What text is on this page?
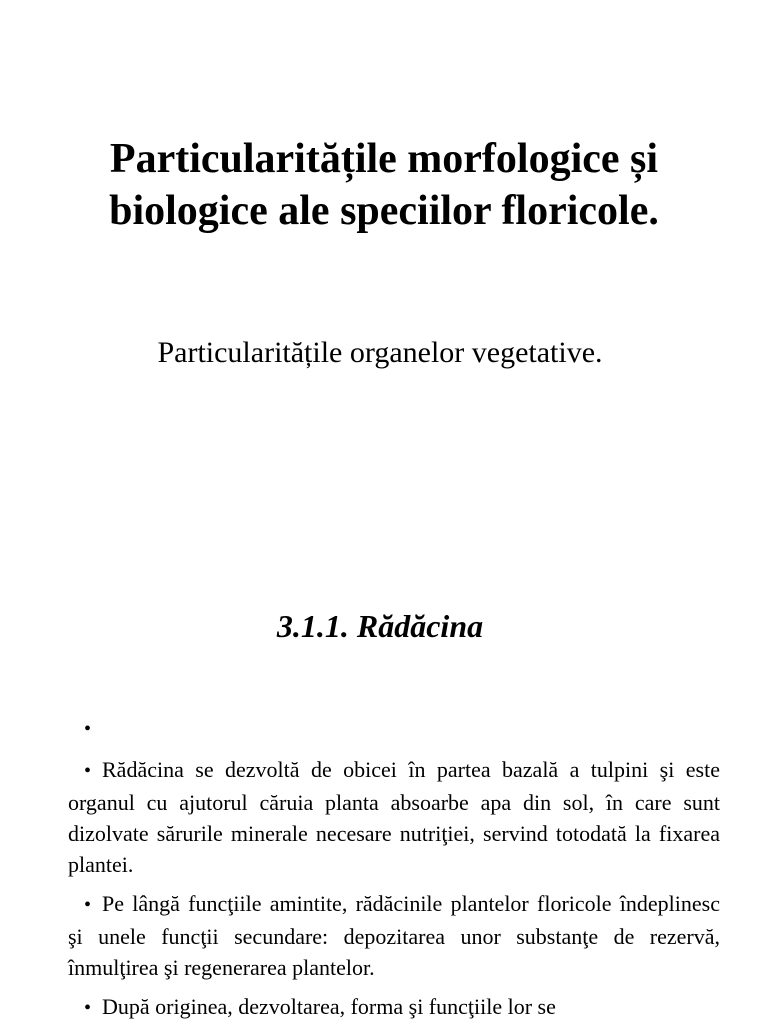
Particularitățile morfologice și
biologice ale speciilor floricole.

Particularitățile organelor vegetative.

3.1.1. Rădăcina
•

• Rădăcina se dezvoltă de obicei în partea bazală a tulpini şi este organul cu ajutorul căruia planta absoarbe apa din sol, în care sunt dizolvate sărurile minerale necesare nutriţiei, servind totodată la fixarea plantei.

• Pe lângă funcţiile amintite, rădăcinile plantelor floricole îndeplinesc şi unele funcţii secundare: depozitarea unor substanţe de rezervă, înmulţirea şi regenerarea plantelor.

• După originea, dezvoltarea, forma şi funcţiile lor se
